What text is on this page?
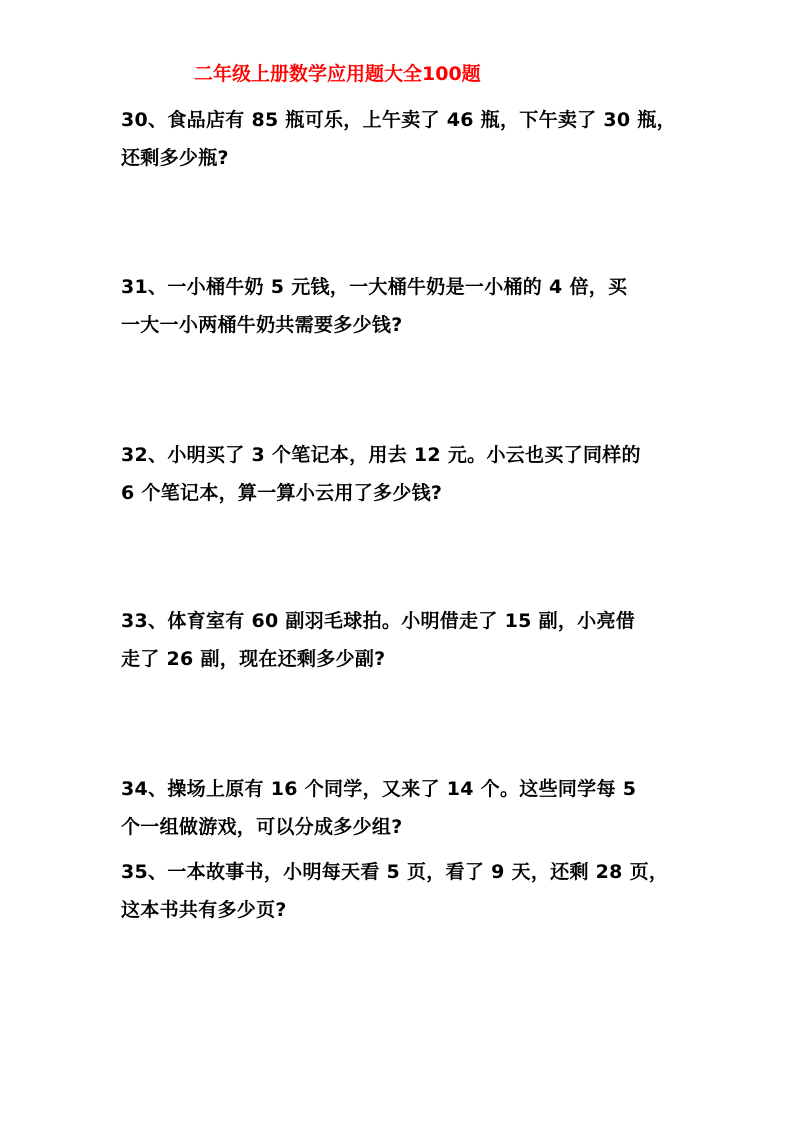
二年级上册数学应用题大全100题
30、食品店有 85 瓶可乐，上午卖了 46 瓶，下午卖了 30 瓶，
还剩多少瓶?
31、一小桶牛奶 5 元钱，一大桶牛奶是一小桶的 4 倍，买
一大一小两桶牛奶共需要多少钱?
32、小明买了 3 个笔记本，用去 12 元。小云也买了同样的
6 个笔记本，算一算小云用了多少钱?
33、体育室有 60 副羽毛球拍。小明借走了 15 副，小亮借
走了 26 副，现在还剩多少副?
34、操场上原有 16 个同学，又来了 14 个。这些同学每 5
个一组做游戏，可以分成多少组?
35、一本故事书，小明每天看 5 页，看了 9 天，还剩 28 页，
这本书共有多少页?
